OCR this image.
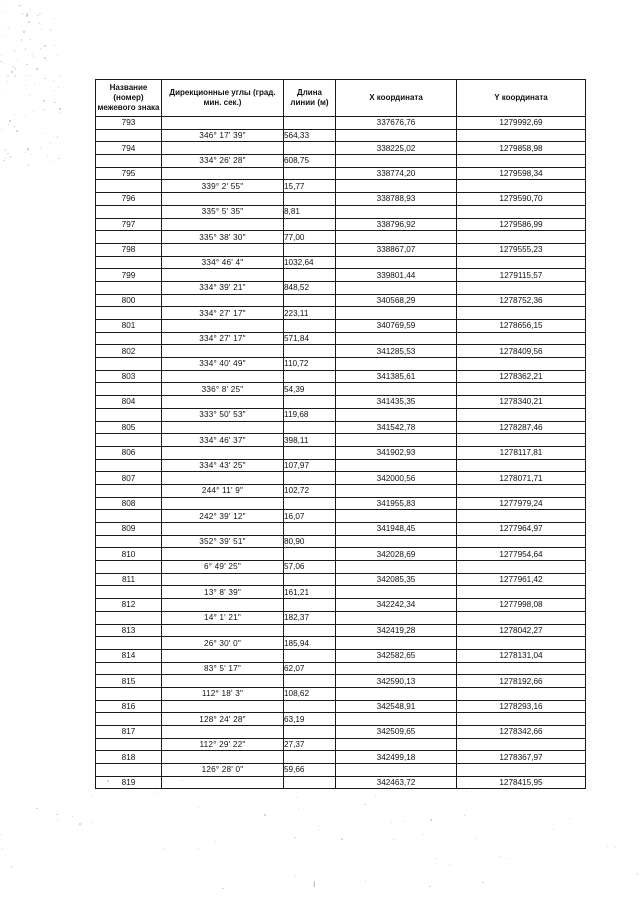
Название (номер) межевого знака	Дирекционные углы (град. мин. сек.)	Длина линии (м)	X координата	Y координата
793			337676,76	1279992,69
	346° 17' 39"	564,33		
794			338225,02	1279858,98
	334° 26' 28"	608,75		
795			338774,20	1279598,34
	339° 2' 55"	15,77		
796			338788,93	1279590,70
	335° 5' 35"	8,81		
797			338796,92	1279586,99
	335° 38' 30"	77,00		
798			338867,07	1279555,23
	334° 46' 4"	1032,64		
799			339801,44	1279115,57
	334° 39' 21"	848,52		
800			340568,29	1278752,36
	334° 27' 17"	223,11		
801			340769,59	1278656,15
	334° 27' 17"	571,84		
802			341285,53	1278409,56
	334° 40' 49"	110,72		
803			341385,61	1278362,21
	336° 8' 25"	54,39		
804			341435,35	1278340,21
	333° 50' 53"	119,68		
805			341542,78	1278287,46
	334° 46' 37"	398,11		
806			341902,93	1278117,81
	334° 43' 25"	107,97		
807			342000,56	1278071,71
	244° 11' 9"	102,72		
808			341955,83	1277979,24
	242° 39' 12"	16,07		
809			341948,45	1277964,97
	352° 39' 51"	80,90		
810			342028,69	1277954,64
	6° 49' 25"	57,06		
811			342085,35	1277961,42
	13° 8' 39"	161,21		
812			342242,34	1277998,08
	14° 1' 21"	182,37		
813			342419,28	1278042,27
	26° 30' 0"	185,94		
814			342582,65	1278131,04
	83° 5' 17"	62,07		
815			342590,13	1278192,66
	112° 18' 3"	108,62		
816			342548,91	1278293,16
	128° 24' 28"	63,19		
817			342509,65	1278342,66
	112° 29' 22"	27,37		
818			342499,18	1278367,97
	126° 28' 0"	59,66		
819			342463,72	1278415,95
⁝
